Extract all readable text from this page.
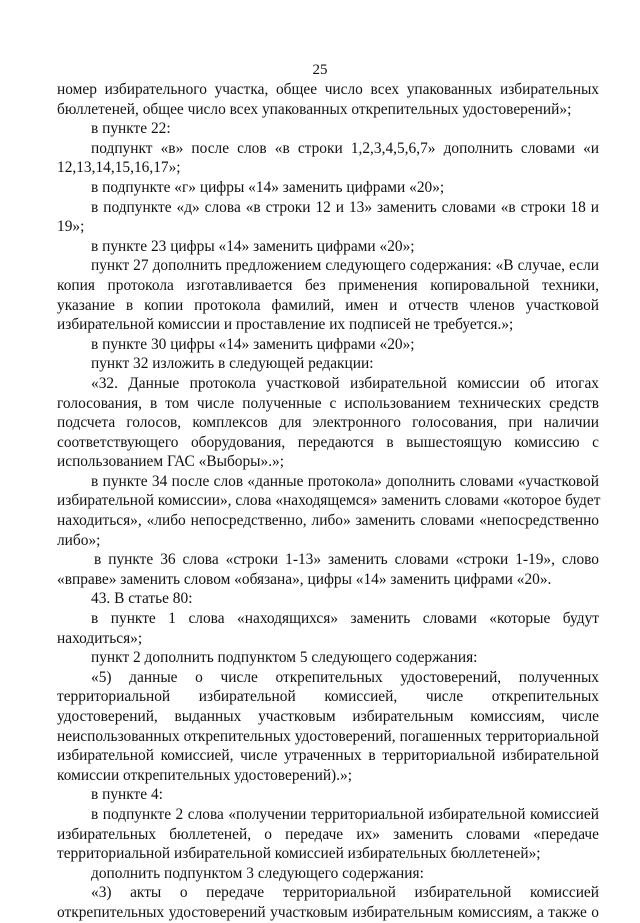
25
номер избирательного участка, общее число всех упакованных избирательных
бюллетеней, общее число всех упакованных открепительных удостоверений»;
в пункте 22:
подпункт «в» после слов «в строки 1,2,3,4,5,6,7» дополнить словами «и
12,13,14,15,16,17»;
в подпункте «г» цифры «14» заменить цифрами «20»;
в подпункте «д» слова «в строки 12 и 13» заменить словами «в строки 18 и
19»;
в пункте 23 цифры «14» заменить цифрами «20»;
пункт 27 дополнить предложением следующего содержания: «В случае, если
копия протокола изготавливается без применения копировальной техники,
указание в копии протокола фамилий, имен и отчеств членов участковой
избирательной комиссии и проставление их подписей не требуется.»;
в пункте 30 цифры «14» заменить цифрами «20»;
пункт 32 изложить в следующей редакции:
«32. Данные протокола участковой избирательной комиссии об итогах
голосования, в том числе полученные с использованием технических средств
подсчета голосов, комплексов для электронного голосования, при наличии
соответствующего оборудования, передаются в вышестоящую комиссию с
использованием ГАС «Выборы».»;
в пункте 34 после слов «данные протокола» дополнить словами «участковой
избирательной комиссии», слова «находящемся» заменить словами «которое будет
находиться», «либо непосредственно, либо» заменить словами «непосредственно
либо»;
в пункте 36 слова «строки 1-13» заменить словами «строки 1-19», слово
«вправе» заменить словом «обязана», цифры «14» заменить цифрами «20».
43. В статье 80:
в пункте 1 слова «находящихся» заменить словами «которые будут
находиться»;
пункт 2 дополнить подпунктом 5 следующего содержания:
«5) данные о числе открепительных удостоверений, полученных
территориальной избирательной комиссией, числе открепительных
удостоверений, выданных участковым избирательным комиссиям, числе
неиспользованных открепительных удостоверений, погашенных территориальной
избирательной комиссией, числе утраченных в территориальной избирательной
комиссии открепительных удостоверений).»;
в пункте 4:
в подпункте 2 слова «получении территориальной избирательной комиссией
избирательных бюллетеней, о передаче их» заменить словами «передаче
территориальной избирательной комиссией избирательных бюллетеней»;
дополнить подпунктом 3 следующего содержания:
«3) акты о передаче территориальной избирательной комиссией
открепительных удостоверений участковым избирательным комиссиям, а также о
